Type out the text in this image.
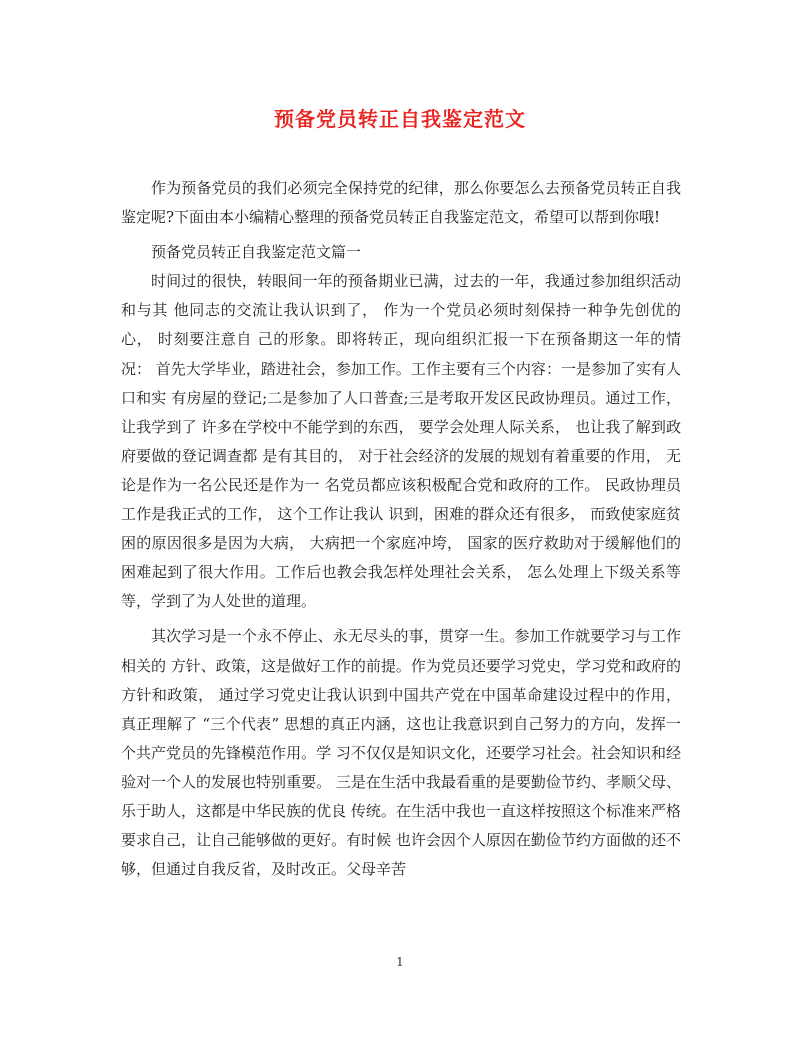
预备党员转正自我鉴定范文

作为预备党员的我们必须完全保持党的纪律，那么你要怎么去预备党员转正自我鉴定呢?下面由本小编精心整理的预备党员转正自我鉴定范文，希望可以帮到你哦!

预备党员转正自我鉴定范文篇一

时间过的很快，转眼间一年的预备期业已满，过去的一年，我通过参加组织活动和与其 他同志的交流让我认识到了， 作为一个党员必须时刻保持一种争先创优的心， 时刻要注意自 己的形象。即将转正，现向组织汇报一下在预备期这一年的情况： 首先大学毕业，踏进社会，参加工作。工作主要有三个内容：一是参加了实有人口和实 有房屋的登记;二是参加了人口普查;三是考取开发区民政协理员。通过工作，让我学到了 许多在学校中不能学到的东西， 要学会处理人际关系， 也让我了解到政府要做的登记调查都 是有其目的， 对于社会经济的发展的规划有着重要的作用， 无论是作为一名公民还是作为一 名党员都应该积极配合党和政府的工作。 民政协理员工作是我正式的工作， 这个工作让我认 识到，困难的群众还有很多， 而致使家庭贫困的原因很多是因为大病， 大病把一个家庭冲垮， 国家的医疗救助对于缓解他们的困难起到了很大作用。工作后也教会我怎样处理社会关系， 怎么处理上下级关系等等，学到了为人处世的道理。

其次学习是一个永不停止、永无尽头的事，贯穿一生。参加工作就要学习与工作相关的 方针、政策，这是做好工作的前提。作为党员还要学习党史，学习党和政府的方针和政策， 通过学习党史让我认识到中国共产党在中国革命建设过程中的作用， 真正理解了 “三个代表” 思想的真正内涵，这也让我意识到自己努力的方向，发挥一个共产党员的先锋模范作用。学 习不仅仅是知识文化，还要学习社会。社会知识和经验对一个人的发展也特别重要。 三是在生活中我最看重的是要勤俭节约、孝顺父母、乐于助人，这都是中华民族的优良 传统。在生活中我也一直这样按照这个标准来严格要求自己，让自己能够做的更好。有时候 也许会因个人原因在勤俭节约方面做的还不够，但通过自我反省，及时改正。父母辛苦

1
